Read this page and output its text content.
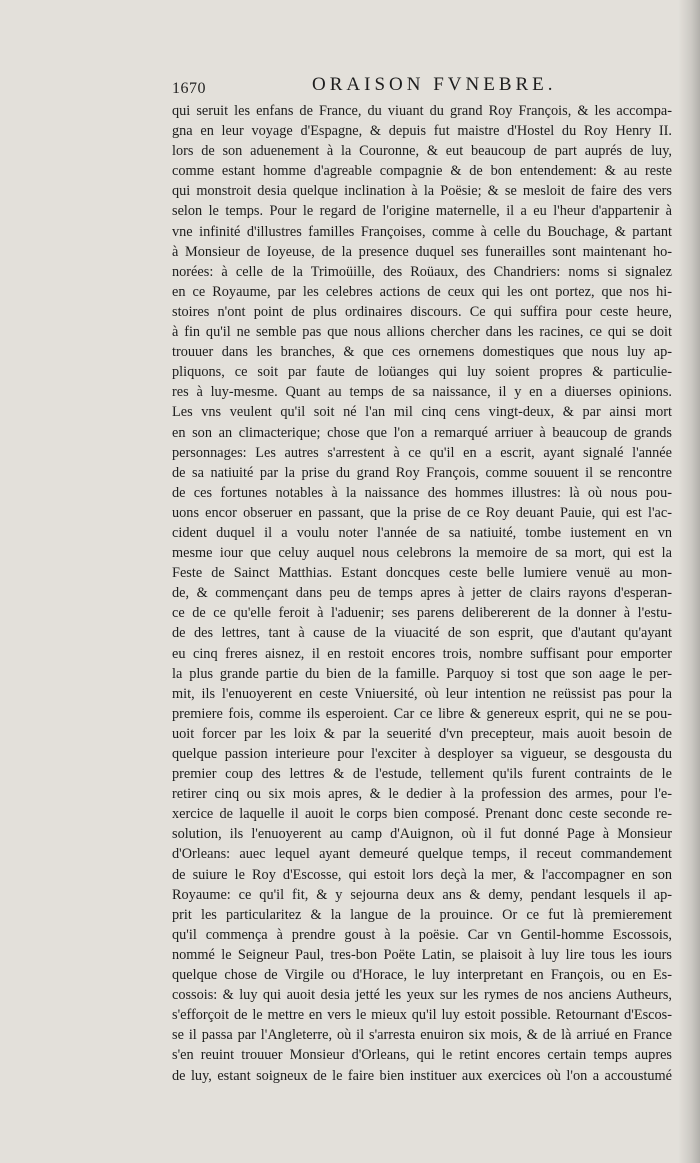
1670	ORAISON FVNEBRE.
qui seruit les enfans de France, du viuant du grand Roy François, & les accompa-
gna en leur voyage d'Espagne, & depuis fut maistre d'Hostel du Roy Henry II.
lors de son aduenement à la Couronne, & eut beaucoup de part auprés de luy,
comme estant homme d'agreable compagnie & de bon entendement: & au reste
qui monstroit desia quelque inclination à la Poësie; & se mesloit de faire des vers
selon le temps. Pour le regard de l'origine maternelle, il a eu l'heur d'appartenir à
vne infinité d'illustres familles Françoises, comme à celle du Bouchage, & partant
à Monsieur de Ioyeuse, de la presence duquel ses funerailles sont maintenant ho-
norées: à celle de la Trimoüille, des Roüaux, des Chandriers: noms si signalez
en ce Royaume, par les celebres actions de ceux qui les ont portez, que nos hi-
stoires n'ont point de plus ordinaires discours. Ce qui suffira pour ceste heure,
à fin qu'il ne semble pas que nous allions chercher dans les racines, ce qui se doit
trouuer dans les branches, & que ces ornemens domestiques que nous luy ap-
pliquons, ce soit par faute de loüanges qui luy soient propres & particulie-
res à luy-mesme. Quant au temps de sa naissance, il y en a diuerses opinions.
Les vns veulent qu'il soit né l'an mil cinq cens vingt-deux, & par ainsi mort
en son an climacterique; chose que l'on a remarqué arriuer à beaucoup de grands
personnages: Les autres s'arrestent à ce qu'il en a escrit, ayant signalé l'année
de sa natiuité par la prise du grand Roy François, comme souuent il se rencontre
de ces fortunes notables à la naissance des hommes illustres: là où nous pou-
uons encor obseruer en passant, que la prise de ce Roy deuant Pauie, qui est l'ac-
cident duquel il a voulu noter l'année de sa natiuité, tombe iustement en vn
mesme iour que celuy auquel nous celebrons la memoire de sa mort, qui est la
Feste de Sainct Matthias. Estant doncques ceste belle lumiere venuë au mon-
de, & commençant dans peu de temps apres à jetter de clairs rayons d'esperan-
ce de ce qu'elle feroit à l'aduenir; ses parens delibererent de la donner à l'estu-
de des lettres, tant à cause de la viuacité de son esprit, que d'autant qu'ayant
eu cinq freres aisnez, il en restoit encores trois, nombre suffisant pour emporter
la plus grande partie du bien de la famille. Parquoy si tost que son aage le per-
mit, ils l'enuoyerent en ceste Vniuersité, où leur intention ne reüssist pas pour la
premiere fois, comme ils esperoient. Car ce libre & genereux esprit, qui ne se pou-
uoit forcer par les loix & par la seuerité d'vn precepteur, mais auoit besoin de
quelque passion interieure pour l'exciter à desployer sa vigueur, se desgousta du
premier coup des lettres & de l'estude, tellement qu'ils furent contraints de le
retirer cinq ou six mois apres, & le dedier à la profession des armes, pour l'e-
xercice de laquelle il auoit le corps bien composé. Prenant donc ceste seconde re-
solution, ils l'enuoyerent au camp d'Auignon, où il fut donné Page à Monsieur
d'Orleans: auec lequel ayant demeuré quelque temps, il receut commandement
de suiure le Roy d'Escosse, qui estoit lors deçà la mer, & l'accompagner en son
Royaume: ce qu'il fit, & y sejourna deux ans & demy, pendant lesquels il ap-
prit les particularitez & la langue de la prouince. Or ce fut là premierement
qu'il commença à prendre goust à la poësie. Car vn Gentil-homme Escossois,
nommé le Seigneur Paul, tres-bon Poëte Latin, se plaisoit à luy lire tous les iours
quelque chose de Virgile ou d'Horace, le luy interpretant en François, ou en Es-
cossois: & luy qui auoit desia jetté les yeux sur les rymes de nos anciens Autheurs,
s'efforçoit de le mettre en vers le mieux qu'il luy estoit possible. Retournant d'Escos-
se il passa par l'Angleterre, où il s'arresta enuiron six mois, & de là arriué en France
s'en reuint trouuer Monsieur d'Orleans, qui le retint encores certain temps aupres
de luy, estant soigneux de le faire bien instituer aux exercices où l'on a accoustumé
